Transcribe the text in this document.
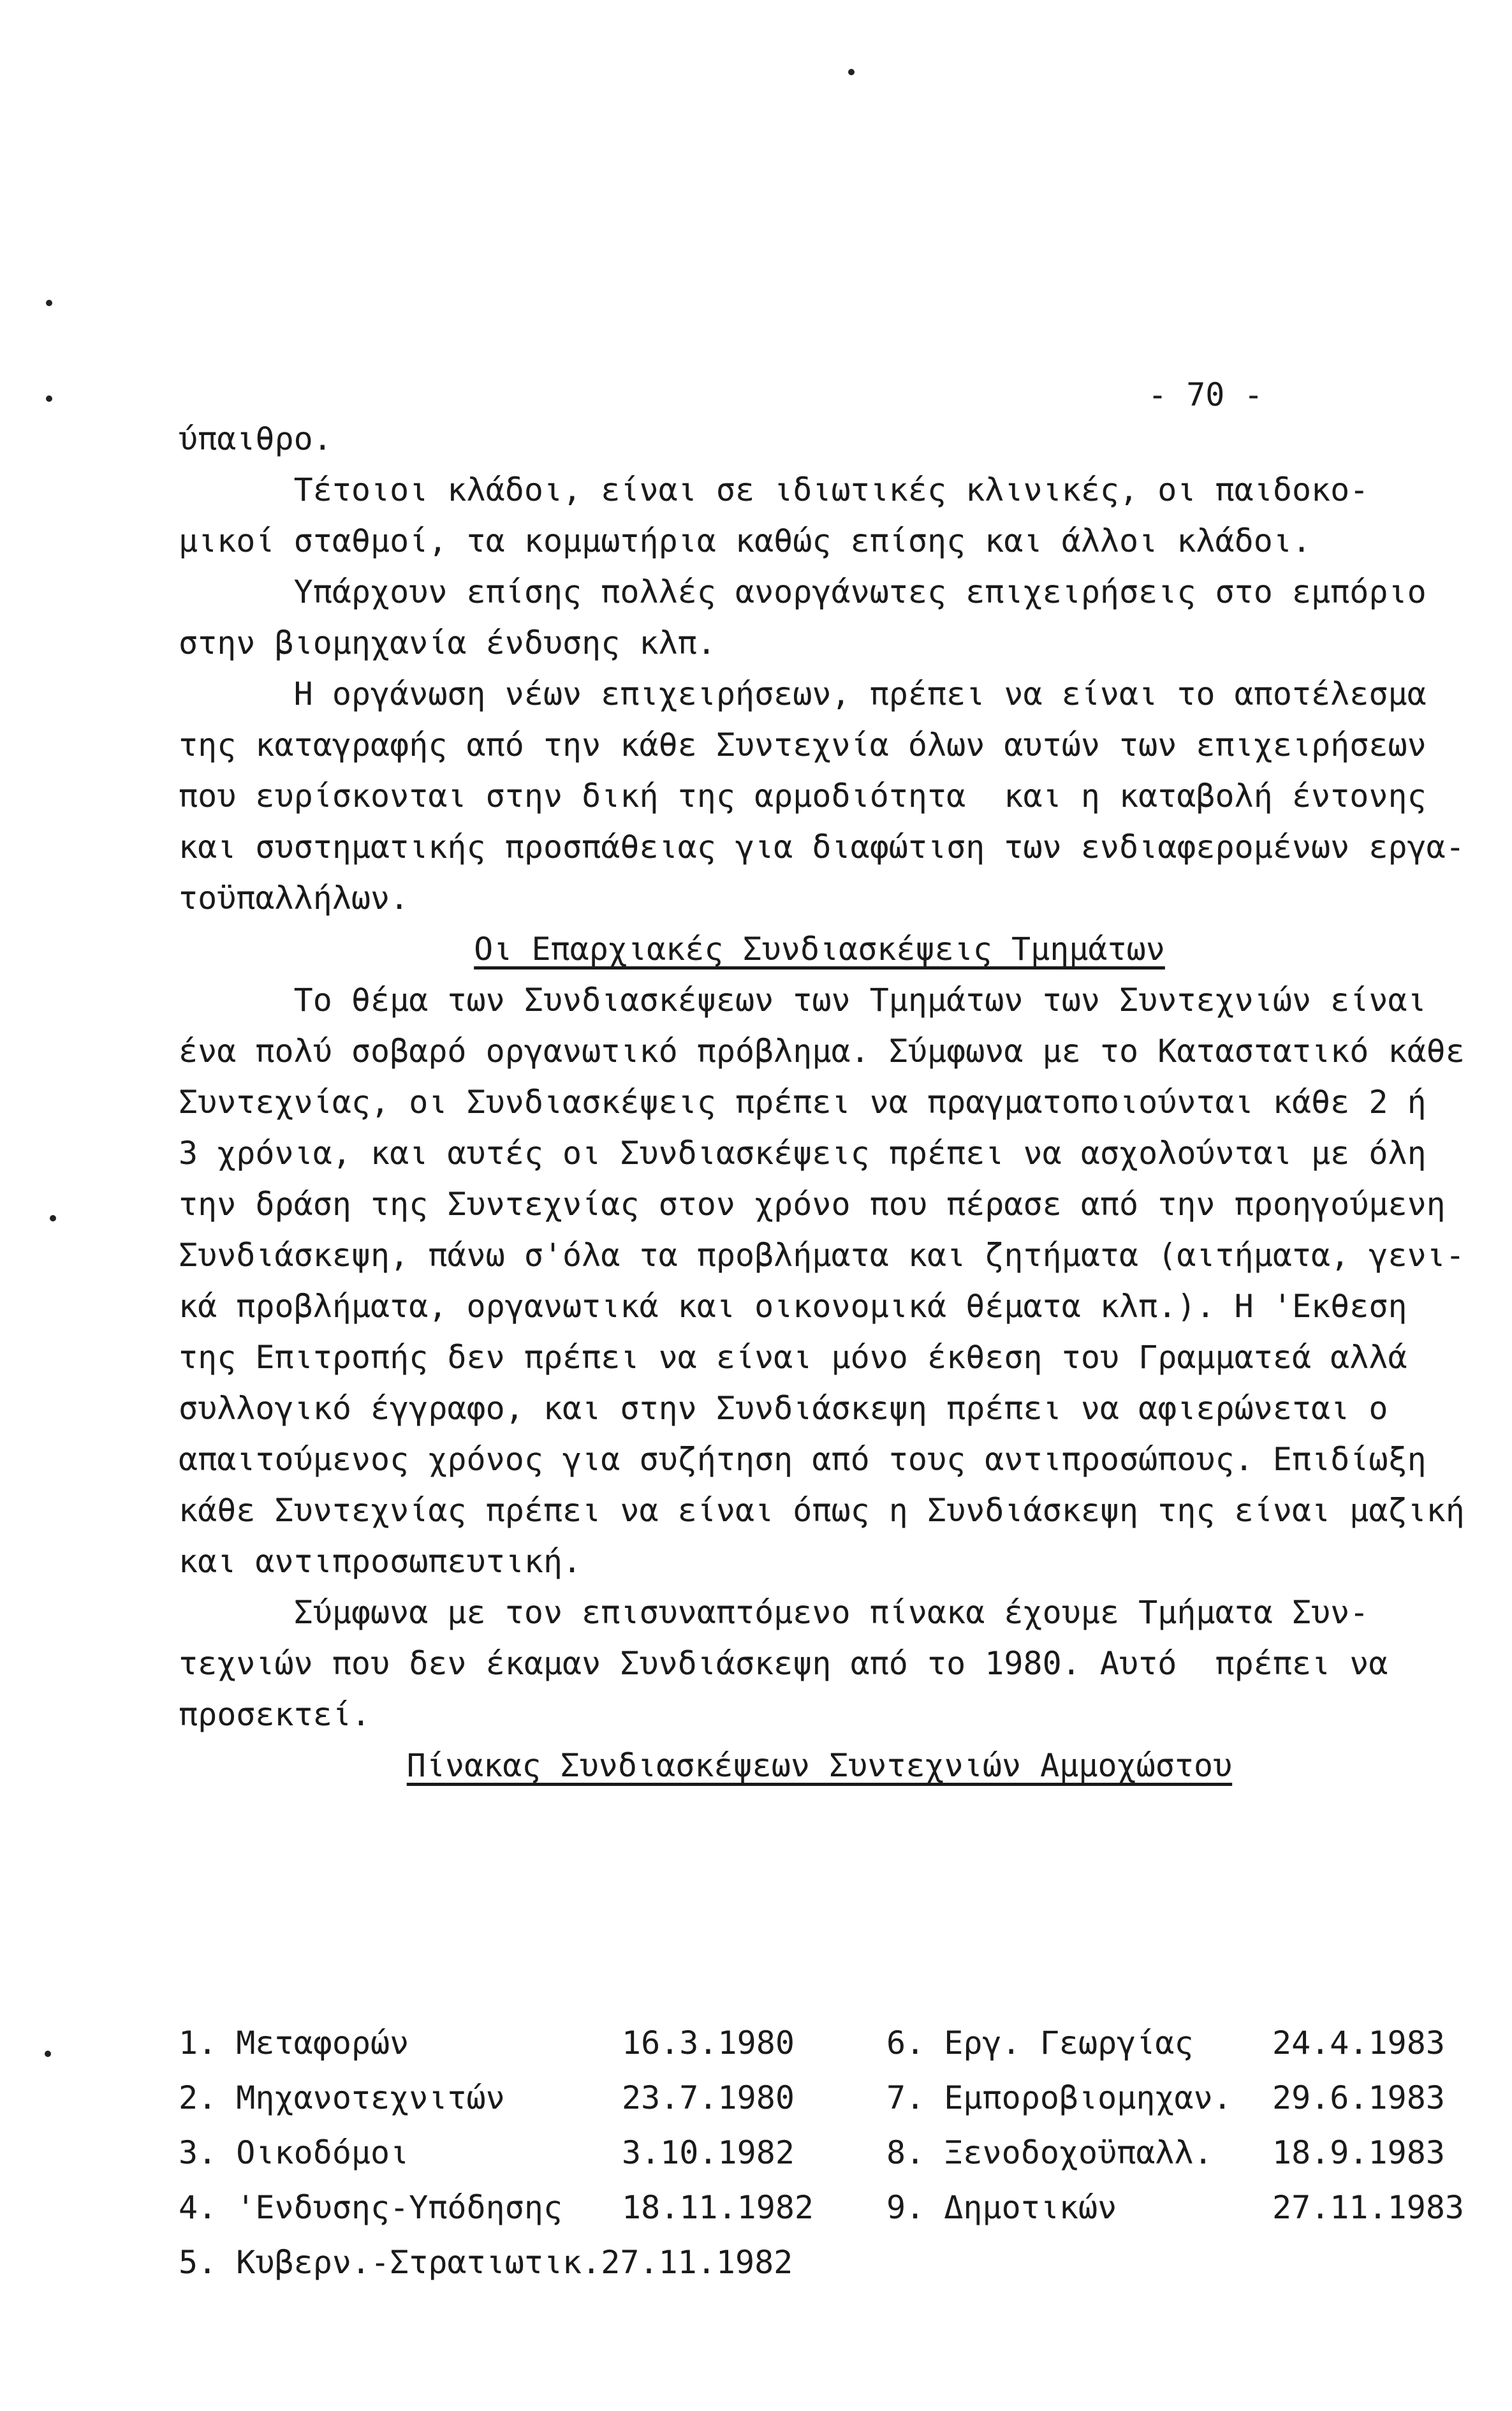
- 70 -
ύπαιθρο.
Τέτοιοι κλάδοι, είναι σε ιδιωτικές κλινικές, οι παιδοκο-
μικοί σταθμοί, τα κομμωτήρια καθώς επίσης και άλλοι κλάδοι.
Υπάρχουν επίσης πολλές ανοργάνωτες επιχειρήσεις στο εμπόριο
στην βιομηχανία ένδυσης κλπ.
Η οργάνωση νέων επιχειρήσεων, πρέπει να είναι το αποτέλεσμα
της καταγραφής από την κάθε Συντεχνία όλων αυτών των επιχειρήσεων
που ευρίσκονται στην δική της αρμοδιότητα  και η καταβολή έντονης
και συστηματικής προσπάθειας για διαφώτιση των ενδιαφερομένων εργα-
τοϋπαλλήλων.
Οι Επαρχιακές Συνδιασκέψεις Τμημάτων
Το θέμα των Συνδιασκέψεων των Τμημάτων των Συντεχνιών είναι
ένα πολύ σοβαρό οργανωτικό πρόβλημα. Σύμφωνα με το Καταστατικό κάθε
Συντεχνίας, οι Συνδιασκέψεις πρέπει να πραγματοποιούνται κάθε 2 ή
3 χρόνια, και αυτές οι Συνδιασκέψεις πρέπει να ασχολούνται με όλη
την δράση της Συντεχνίας στον χρόνο που πέρασε από την προηγούμενη
Συνδιάσκεψη, πάνω σ'όλα τα προβλήματα και ζητήματα (αιτήματα, γενι-
κά προβλήματα, οργανωτικά και οικονομικά θέματα κλπ.). Η 'Εκθεση
της Επιτροπής δεν πρέπει να είναι μόνο έκθεση του Γραμματεά αλλά
συλλογικό έγγραφο, και στην Συνδιάσκεψη πρέπει να αφιερώνεται ο
απαιτούμενος χρόνος για συζήτηση από τους αντιπροσώπους. Επιδίωξη
κάθε Συντεχνίας πρέπει να είναι όπως η Συνδιάσκεψη της είναι μαζική
και αντιπροσωπευτική.
Σύμφωνα με τον επισυναπτόμενο πίνακα έχουμε Τμήματα Συν-
τεχνιών που δεν έκαμαν Συνδιάσκεψη από το 1980. Αυτό  πρέπει να
προσεκτεί.
Πίνακας Συνδιασκέψεων Συντεχνιών Αμμοχώστου
1. Μεταφορών	16.3.1980	6. Εργ. Γεωργίας 24.4.1983
2. Μηχανοτεχνιτών	23.7.1980	7. Εμποροβιομηχαν. 29.6.1983
3. Οικοδόμοι	3.10.1982	8. Ξενοδοχοϋπαλλ. 18.9.1983
4. 'Ενδυσης-Υπόδησης 18.11.1982 9. Δημοτικών	27.11.1983
5. Κυβερν.-Στρατιωτικ.27.11.1982
